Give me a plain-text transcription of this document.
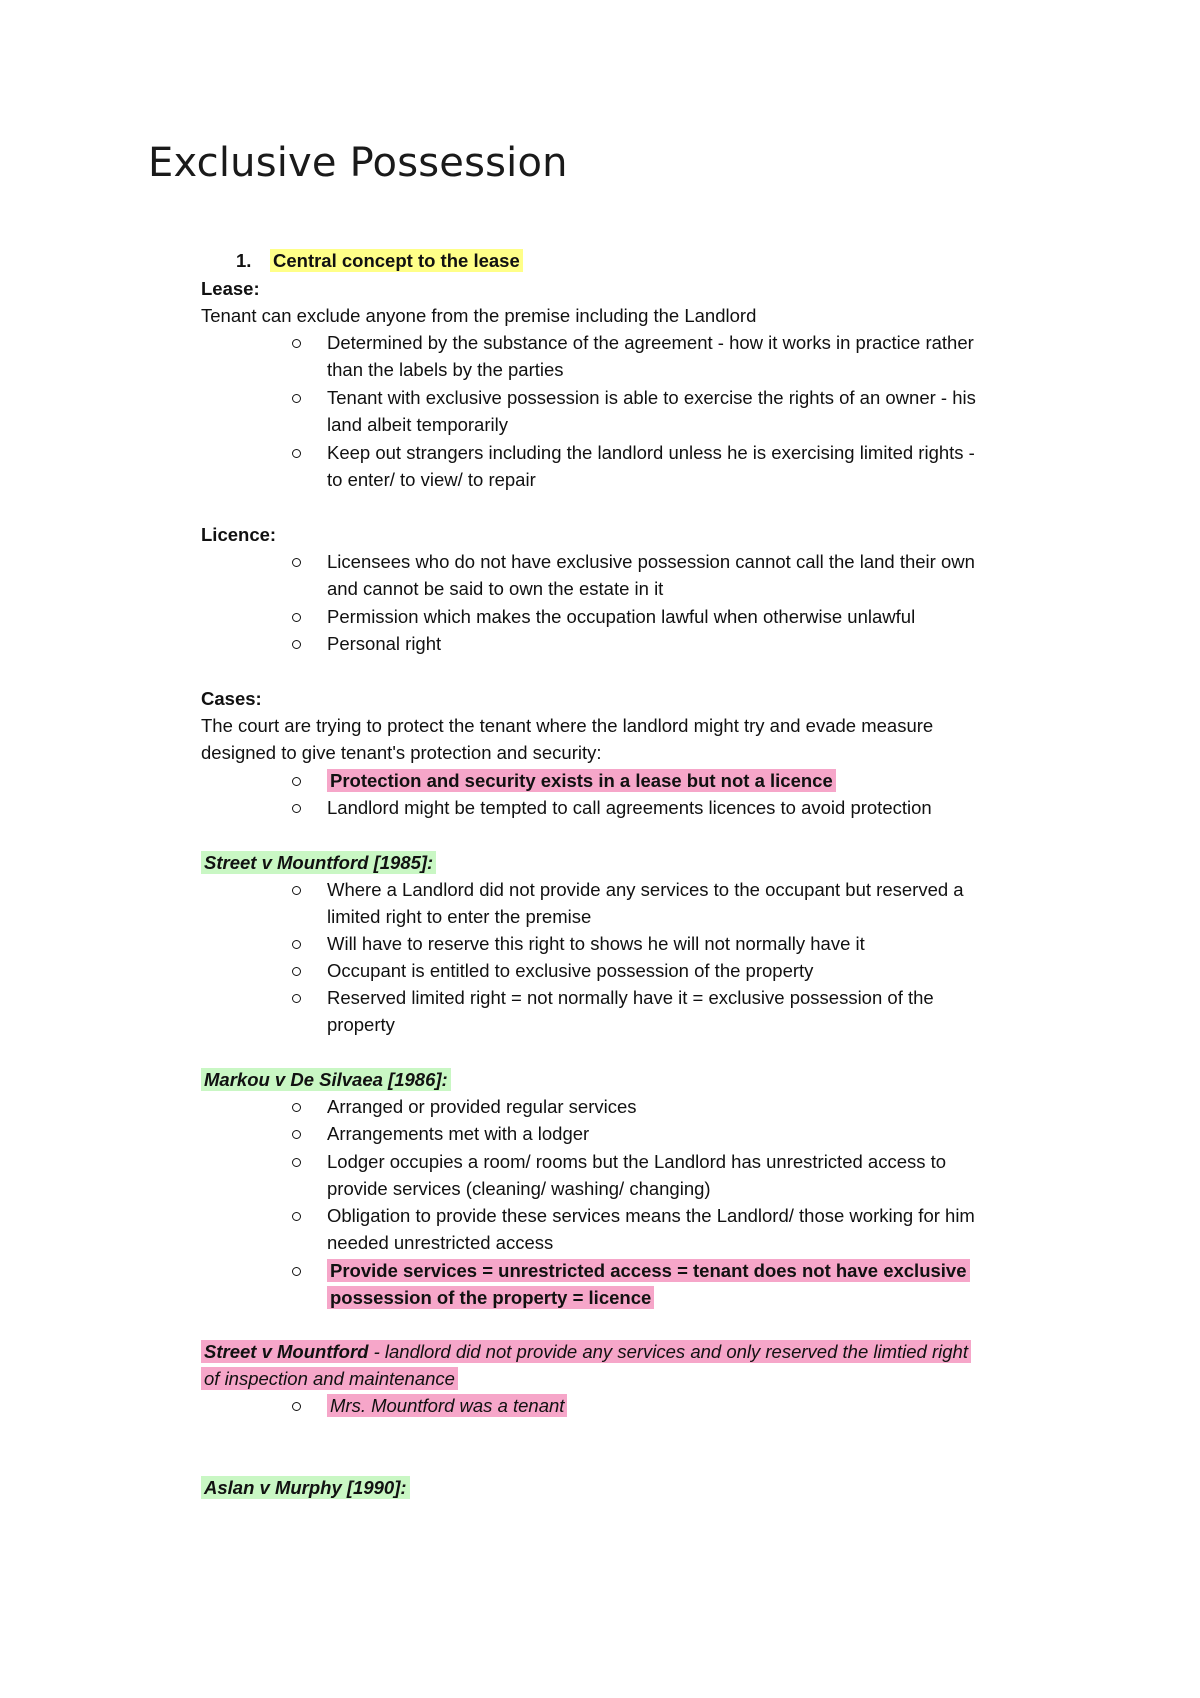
Exclusive Possession
1. Central concept to the lease
Lease:
Tenant can exclude anyone from the premise including the Landlord
Determined by the substance of the agreement - how it works in practice rather
than the labels by the parties
Tenant with exclusive possession is able to exercise the rights of an owner - his
land albeit temporarily
Keep out strangers including the landlord unless he is exercising limited rights -
to enter/ to view/ to repair
Licence:
Licensees who do not have exclusive possession cannot call the land their own
and cannot be said to own the estate in it
Permission which makes the occupation lawful when otherwise unlawful
Personal right
Cases:
The court are trying to protect the tenant where the landlord might try and evade measure
designed to give tenant's protection and security:
Protection and security exists in a lease but not a licence
Landlord might be tempted to call agreements licences to avoid protection
Street v Mountford [1985]:
Where a Landlord did not provide any services to the occupant but reserved a
limited right to enter the premise
Will have to reserve this right to shows he will not normally have it
Occupant is entitled to exclusive possession of the property
Reserved limited right = not normally have it = exclusive possession of the
property
Markou v De Silvaea [1986]:
Arranged or provided regular services
Arrangements met with a lodger
Lodger occupies a room/ rooms but the Landlord has unrestricted access to
provide services (cleaning/ washing/ changing)
Obligation to provide these services means the Landlord/ those working for him
needed unrestricted access
Provide services = unrestricted access = tenant does not have exclusive
possession of the property = licence
Street v Mountford - landlord did not provide any services and only reserved the limtied right
of inspection and maintenance
Mrs. Mountford was a tenant
Aslan v Murphy [1990]:
